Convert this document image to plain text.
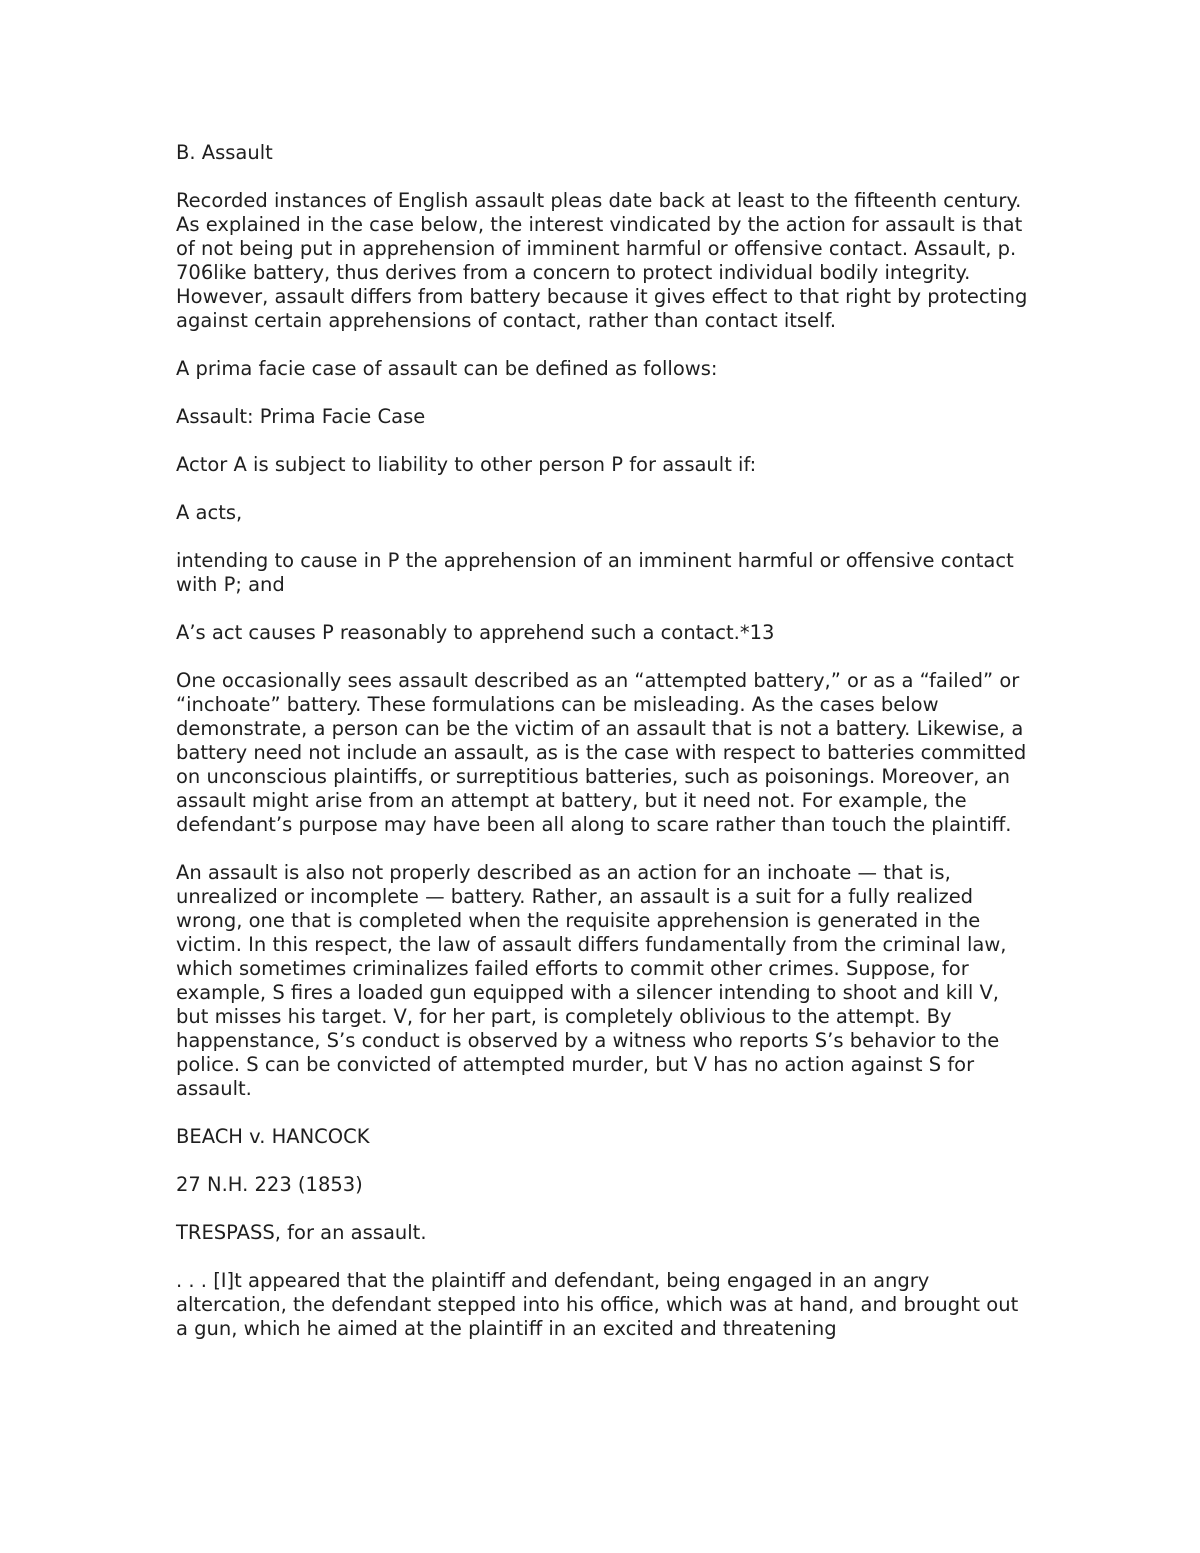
B. Assault

Recorded instances of English assault pleas date back at least to the fifteenth century. As explained in the case below, the interest vindicated by the action for assault is that of not being put in apprehension of imminent harmful or offensive contact. Assault, p. 706like battery, thus derives from a concern to protect individual bodily integrity. However, assault differs from battery because it gives effect to that right by protecting against certain apprehensions of contact, rather than contact itself.

A prima facie case of assault can be defined as follows:

Assault: Prima Facie Case

Actor A is subject to liability to other person P for assault if:

A acts,

intending to cause in P the apprehension of an imminent harmful or offensive contact with P; and

A’s act causes P reasonably to apprehend such a contact.*13

One occasionally sees assault described as an “attempted battery,” or as a “failed” or “inchoate” battery. These formulations can be misleading. As the cases below demonstrate, a person can be the victim of an assault that is not a battery. Likewise, a battery need not include an assault, as is the case with respect to batteries committed on unconscious plaintiffs, or surreptitious batteries, such as poisonings. Moreover, an assault might arise from an attempt at battery, but it need not. For example, the defendant’s purpose may have been all along to scare rather than touch the plaintiff.

An assault is also not properly described as an action for an inchoate — that is, unrealized or incomplete — battery. Rather, an assault is a suit for a fully realized wrong, one that is completed when the requisite apprehension is generated in the victim. In this respect, the law of assault differs fundamentally from the criminal law, which sometimes criminalizes failed efforts to commit other crimes. Suppose, for example, S fires a loaded gun equipped with a silencer intending to shoot and kill V, but misses his target. V, for her part, is completely oblivious to the attempt. By happenstance, S’s conduct is observed by a witness who reports S’s behavior to the police. S can be convicted of attempted murder, but V has no action against S for assault.

BEACH v. HANCOCK

27 N.H. 223 (1853)

TRESPASS, for an assault.

. . . [I]t appeared that the plaintiff and defendant, being engaged in an angry altercation, the defendant stepped into his office, which was at hand, and brought out a gun, which he aimed at the plaintiff in an excited and threatening
